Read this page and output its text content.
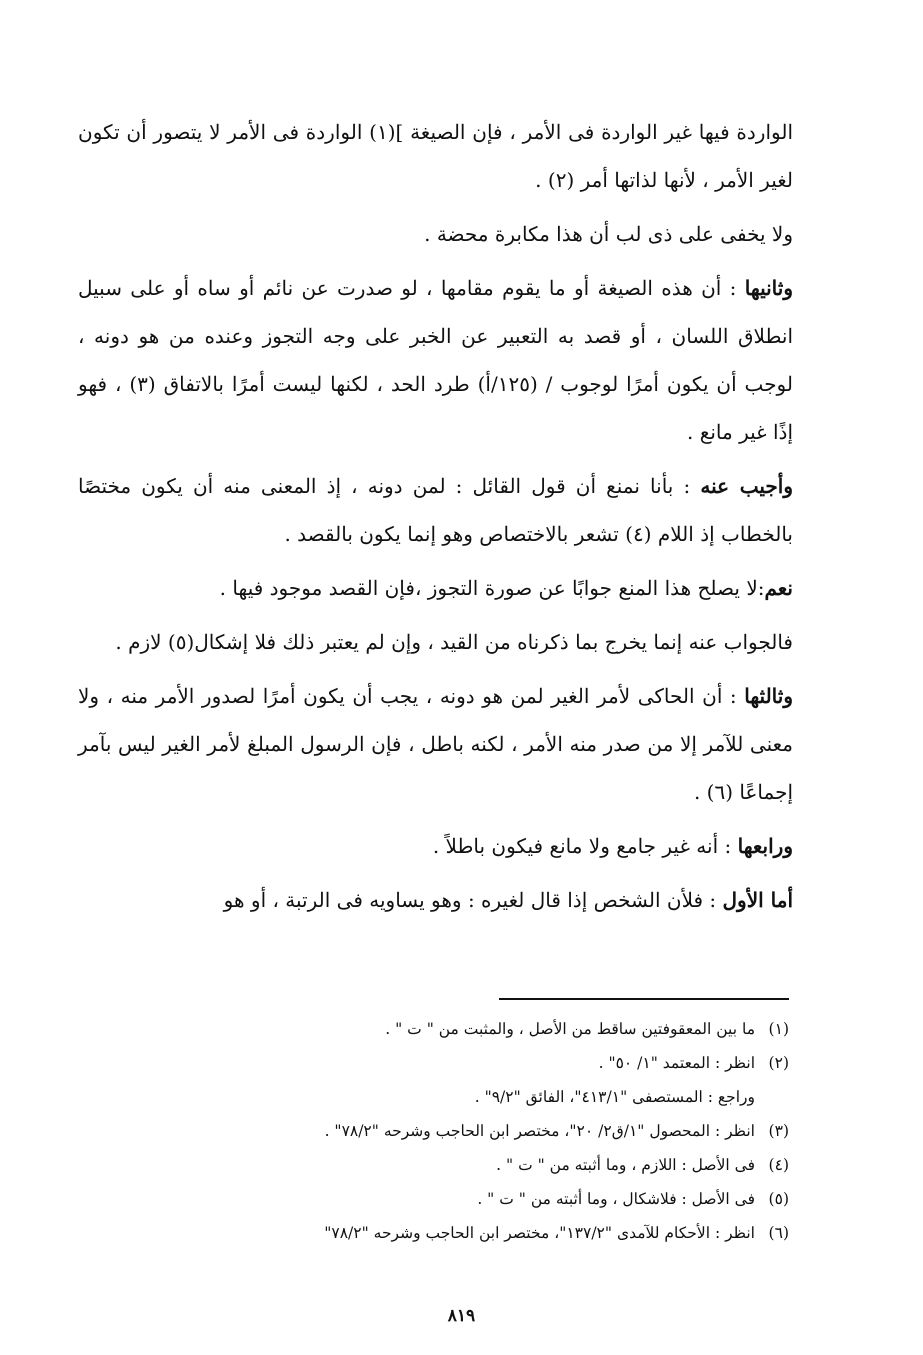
الواردة فيها غير الواردة فى الأمر ، فإن الصيغة ](١) الواردة فى الأمر لا يتصور أن تكون لغير الأمر ، لأنها لذاتها أمر (٢) .

ولا يخفى على ذى لب أن هذا مكابرة محضة .

وثانيها : أن هذه الصيغة أو ما يقوم مقامها ، لو صدرت عن نائم أو ساه أو على سبيل انطلاق اللسان ، أو قصد به التعبير عن الخبر على وجه التجوز وعنده من هو دونه ، لوجب أن يكون أمرًا لوجوب / (١٢٥/أ) طرد الحد ، لكنها ليست أمرًا بالاتفاق (٣) ، فهو إذًا غير مانع .

وأجيب عنه : بأنا نمنع أن قول القائل : لمن دونه ، إذ المعنى منه أن يكون مختصًا بالخطاب إذ اللام (٤) تشعر بالاختصاص وهو إنما يكون بالقصد .

نعم:لا يصلح هذا المنع جوابًا عن صورة التجوز ،فإن القصد موجود فيها .

فالجواب عنه إنما يخرج بما ذكرناه من القيد ، وإن لم يعتبر ذلك فلا إشكال(٥) لازم .

وثالثها : أن الحاكى لأمر الغير لمن هو دونه ، يجب أن يكون أمرًا لصدور الأمر منه ، ولا معنى للآمر إلا من صدر منه الأمر ، لكنه باطل ، فإن الرسول المبلغ لأمر الغير ليس بآمر إجماعًا (٦) .

ورابعها : أنه غير جامع ولا مانع فيكون باطلاً .

أما الأول : فلأن الشخص إذا قال لغيره : وهو يساويه فى الرتبة ، أو هو

(١)ما بين المعقوفتين ساقط من الأصل ، والمثبت من " ت " .
(٢)انظر : المعتمد "١/ ٥٠" .
وراجع : المستصفى "٤١٣/١"، الفائق "٩/٢" .
(٣)انظر : المحصول "١/ق٢/ ٢٠"، مختصر ابن الحاجب وشرحه "٧٨/٢" .
(٤)فى الأصل : اللازم ، وما أثبته من " ت " .
(٥)فى الأصل : فلاشكال ، وما أثبته من " ت " .
(٦)انظر : الأحكام للآمدى "١٣٧/٢"، مختصر ابن الحاجب وشرحه "٧٨/٢"
٨١٩
